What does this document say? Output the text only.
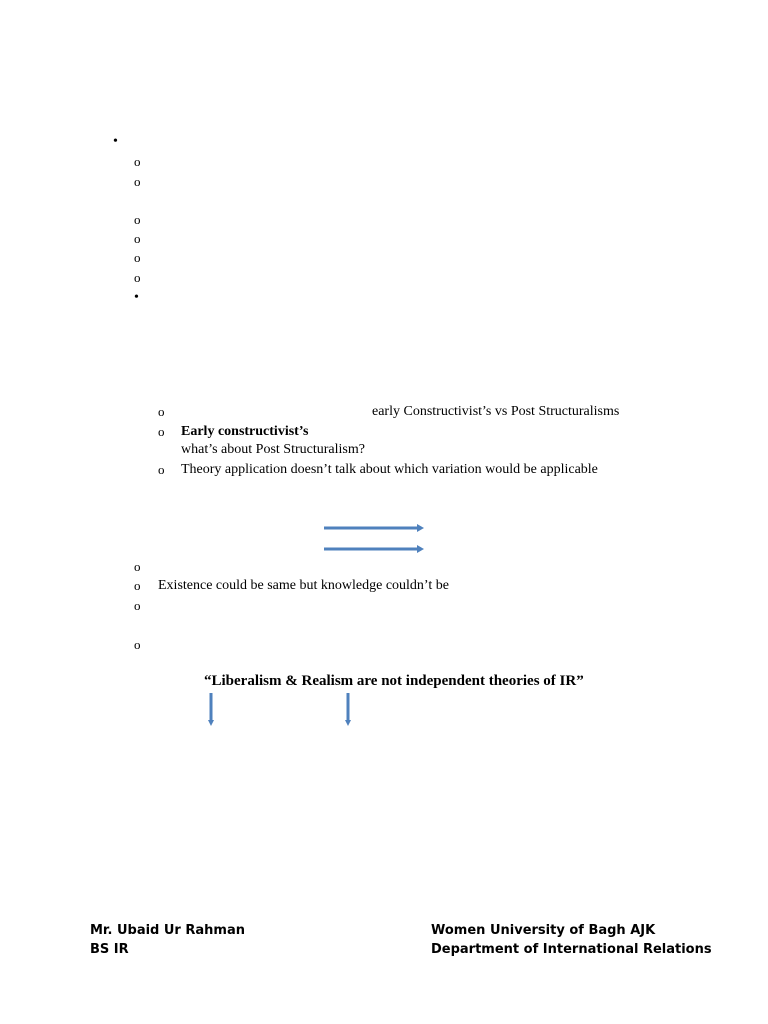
•
o
o
o
o
o
o
•
o	early Constructivist’s vs Post Structuralisms
o Early constructivist’s
what’s about Post Structuralism?
o Theory application doesn’t talk about which variation would be applicable
o
o Existence could be same but knowledge couldn’t be
o
o
“Liberalism & Realism are not independent theories of IR”
Mr. Ubaid Ur Rahman
BS IR
Women University of Bagh AJK
Department of International Relations
